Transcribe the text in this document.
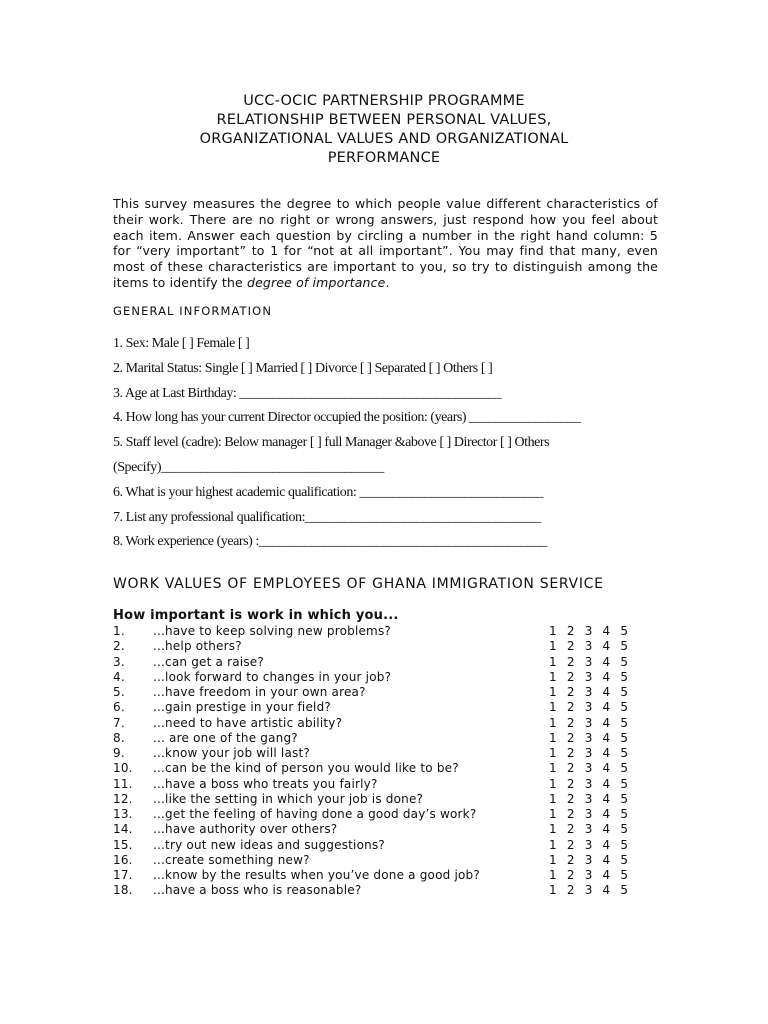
UCC-OCIC PARTNERSHIP PROGRAMME
RELATIONSHIP BETWEEN PERSONAL VALUES,
ORGANIZATIONAL VALUES AND ORGANIZATIONAL
PERFORMANCE
This survey measures the degree to which people value different characteristics of their work. There are no right or wrong answers, just respond how you feel about each item. Answer each question by circling a number in the right hand column: 5 for “very important” to 1 for “not at all important”. You may find that many, even most of these characteristics are important to you, so try to distinguish among the items to identify the degree of importance.
GENERAL INFORMATION
1. Sex: Male [ ] Female [ ]
2. Marital Status: Single [ ] Married [ ] Divorce [ ] Separated [ ] Others [ ]
3. Age at Last Birthday: ________________________________________
4. How long has your current Director occupied the position: (years) _________________
5. Staff level (cadre): Below manager [ ] full Manager &above [ ] Director [ ] Others
(Specify)__________________________________
6. What is your highest academic qualification: ____________________________
7. List any professional qualification:____________________________________
8. Work experience (years) :____________________________________________
WORK VALUES OF EMPLOYEES OF GHANA IMMIGRATION SERVICE
How important is work in which you...
1. ...have to keep solving new problems?	1 2 3 4 5
2. ...help others?	1 2 3 4 5
3. ...can get a raise?	1 2 3 4 5
4. ...look forward to changes in your job?	1 2 3 4 5
5. ...have freedom in your own area?	1 2 3 4 5
6. ...gain prestige in your field?	1 2 3 4 5
7. ...need to have artistic ability?	1 2 3 4 5
8. ... are one of the gang?	1 2 3 4 5
9. ...know your job will last?	1 2 3 4 5
10. ...can be the kind of person you would like to be?	1 2 3 4 5
11. ...have a boss who treats you fairly?	1 2 3 4 5
12. ...like the setting in which your job is done?	1 2 3 4 5
13. ...get the feeling of having done a good day’s work?	1 2 3 4 5
14. ...have authority over others?	1 2 3 4 5
15. ...try out new ideas and suggestions?	1 2 3 4 5
16. ...create something new?	1 2 3 4 5
17. ...know by the results when you’ve done a good job?	1 2 3 4 5
18. ...have a boss who is reasonable?	1 2 3 4 5
